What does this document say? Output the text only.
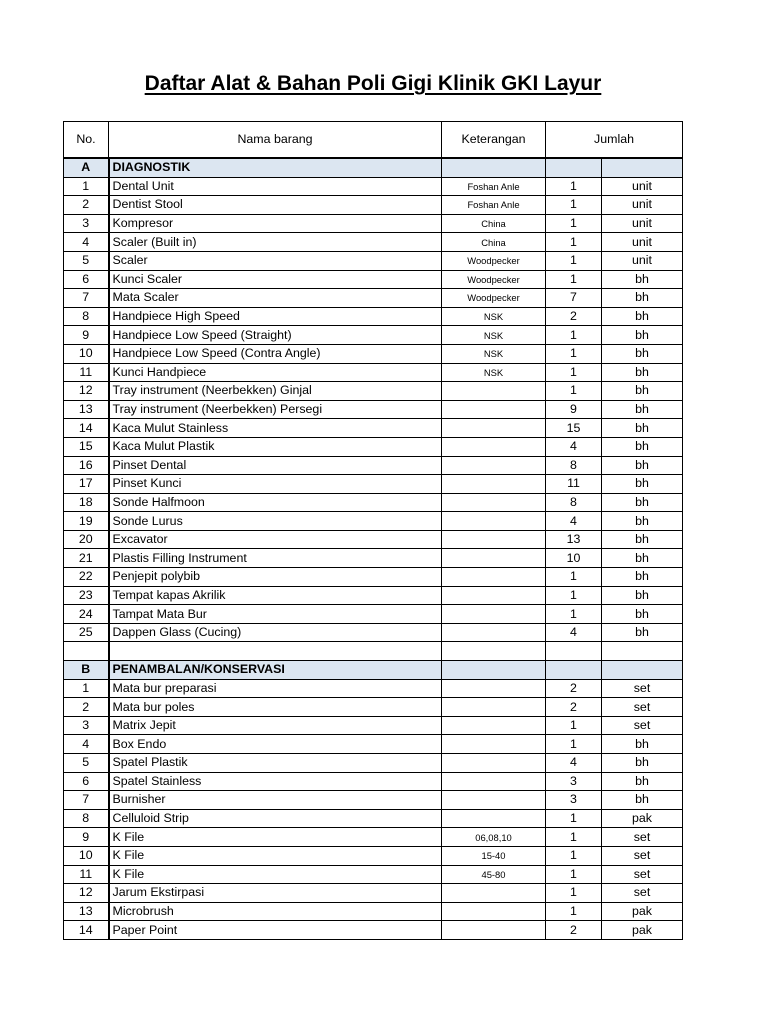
Daftar Alat & Bahan Poli Gigi Klinik GKI Layur
No.	Nama barang	Keterangan	Jumlah	
A	DIAGNOSTIK			
1	Dental Unit	Foshan Anle	1	unit
2	Dentist Stool	Foshan Anle	1	unit
3	Kompresor	China	1	unit
4	Scaler (Built in)	China	1	unit
5	Scaler	Woodpecker	1	unit
6	Kunci Scaler	Woodpecker	1	bh
7	Mata Scaler	Woodpecker	7	bh
8	Handpiece High Speed	NSK	2	bh
9	Handpiece Low Speed (Straight)	NSK	1	bh
10	Handpiece Low Speed (Contra Angle)	NSK	1	bh
11	Kunci Handpiece	NSK	1	bh
12	Tray instrument (Neerbekken) Ginjal		1	bh
13	Tray instrument (Neerbekken) Persegi		9	bh
14	Kaca Mulut Stainless		15	bh
15	Kaca Mulut Plastik		4	bh
16	Pinset Dental		8	bh
17	Pinset Kunci		11	bh
18	Sonde Halfmoon		8	bh
19	Sonde Lurus		4	bh
20	Excavator		13	bh
21	Plastis Filling Instrument		10	bh
22	Penjepit polybib		1	bh
23	Tempat kapas Akrilik		1	bh
24	Tampat Mata Bur		1	bh
25	Dappen Glass (Cucing)		4	bh

B	PENAMBALAN/KONSERVASI			
1	Mata bur preparasi		2	set
2	Mata bur poles		2	set
3	Matrix Jepit		1	set
4	Box Endo		1	bh
5	Spatel Plastik		4	bh
6	Spatel Stainless		3	bh
7	Burnisher		3	bh
8	Celluloid Strip		1	pak
9	K File	06,08,10	1	set
10	K File	15-40	1	set
11	K File	45-80	1	set
12	Jarum Ekstirpasi		1	set
13	Microbrush		1	pak
14	Paper Point		2	pak
